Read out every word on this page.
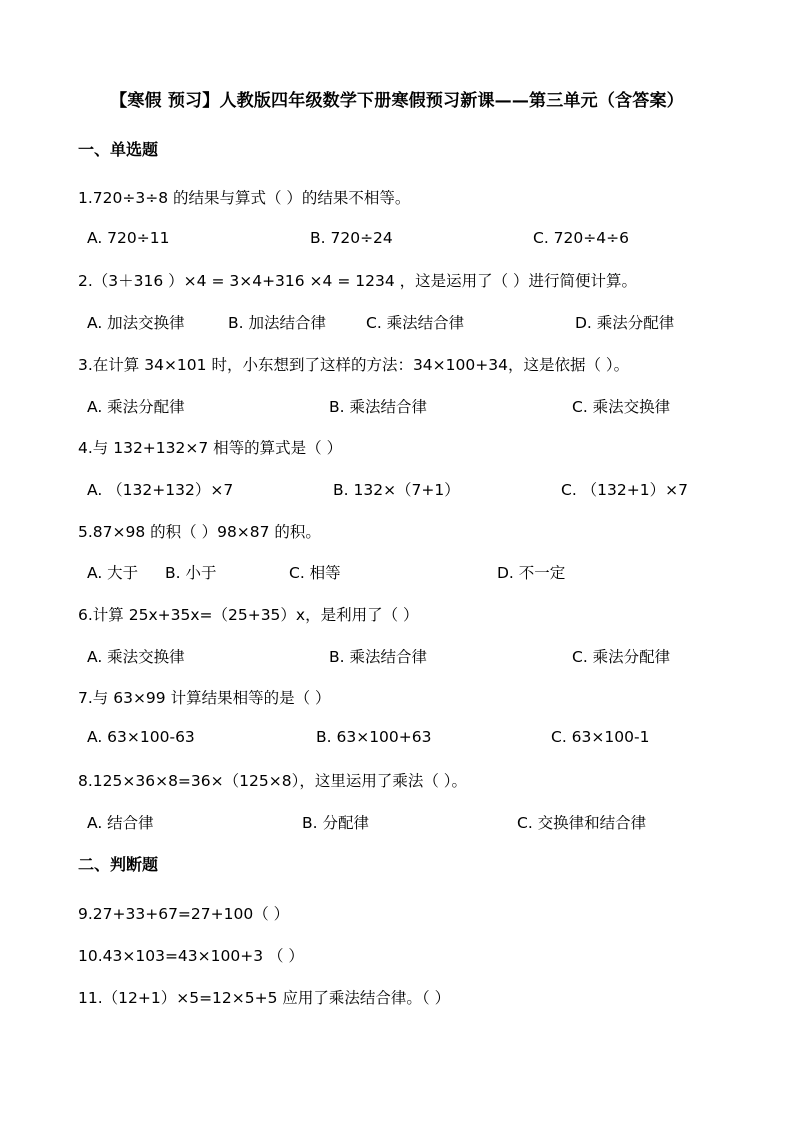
【寒假 预习】人教版四年级数学下册寒假预习新课——第三单元（含答案）
一、单选题
1.720÷3÷8 的结果与算式（ ）的结果不相等。
A. 720÷11	B. 720÷24	C. 720÷4÷6
2.（3＋316 ）×4 = 3×4+316 ×4 = 1234 ，这是运用了（ ）进行简便计算。
A. 加法交换律	B. 加法结合律	C. 乘法结合律	D. 乘法分配律
3.在计算 34×101 时，小东想到了这样的方法：34×100+34，这是依据（ ）。
A. 乘法分配律	B. 乘法结合律	C. 乘法交换律
4.与 132+132×7 相等的算式是（ ）
A. （132+132）×7	B. 132×（7+1）	C. （132+1）×7
5.87×98 的积（ ）98×87 的积。
A. 大于 B. 小于	C. 相等	D. 不一定
6.计算 25x+35x=（25+35）x，是利用了（ ）
A. 乘法交换律	B. 乘法结合律	C. 乘法分配律
7.与 63×99 计算结果相等的是（ ）
A. 63×100-63	B. 63×100+63	C. 63×100-1
8.125×36×8=36×（125×8），这里运用了乘法（ ）。
A. 结合律	B. 分配律	C. 交换律和结合律
二、判断题
9.27+33+67=27+100（ ）
10.43×103=43×100+3 （ ）
11.（12+1）×5=12×5+5 应用了乘法结合律。（ ）
